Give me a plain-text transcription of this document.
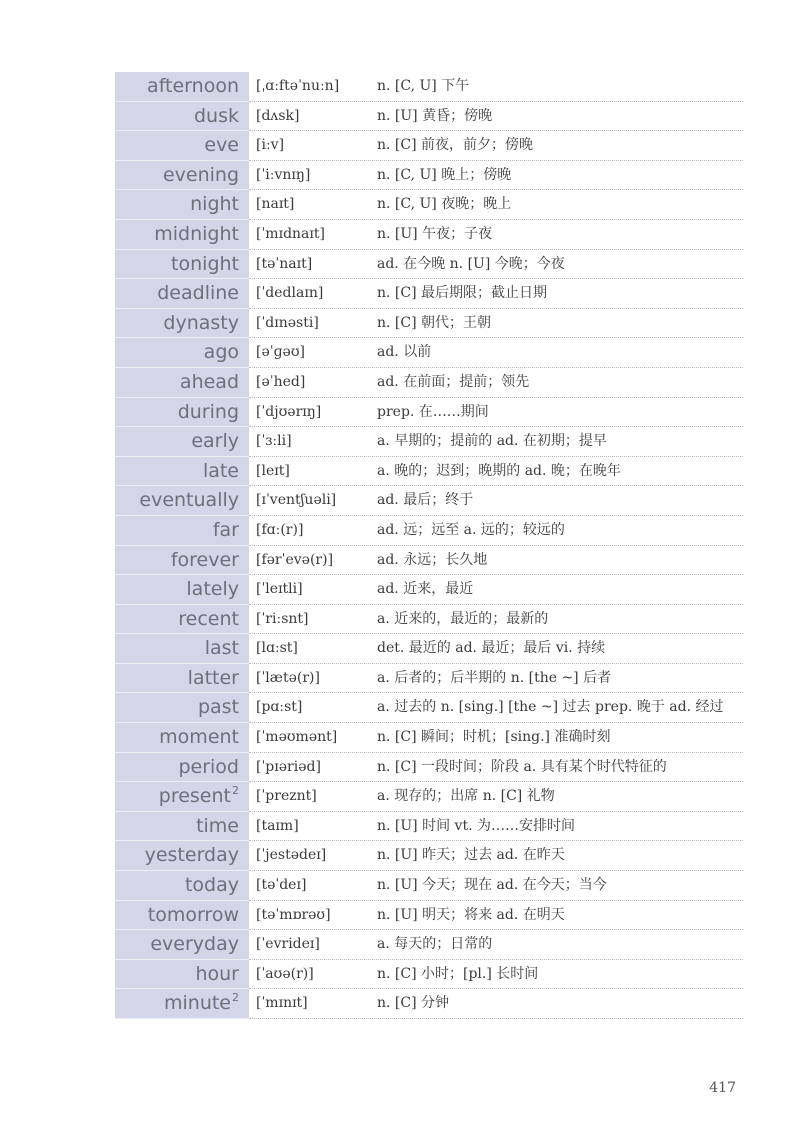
afternoon	[ˌɑːftəˈnuːn]	n. [C, U] 下午
dusk	[dʌsk]	n. [U] 黄昏；傍晚
eve	[iːv]	n. [C] 前夜，前夕；傍晚
evening	[ˈiːvnɪŋ]	n. [C, U] 晚上；傍晚
night	[naɪt]	n. [C, U] 夜晚；晚上
midnight	[ˈmɪdnaɪt]	n. [U] 午夜；子夜
tonight	[təˈnaɪt]	ad. 在今晚 n. [U] 今晚；今夜
deadline	[ˈdedlaɪn]	n. [C] 最后期限；截止日期
dynasty	[ˈdɪnəsti]	n. [C] 朝代；王朝
ago	[əˈɡəʊ]	ad. 以前
ahead	[əˈhed]	ad. 在前面；提前；领先
during	[ˈdjʊərɪŋ]	prep. 在……期间
early	[ˈɜːli]	a. 早期的；提前的 ad. 在初期；提早
late	[leɪt]	a. 晚的；迟到；晚期的 ad. 晚；在晚年
eventually	[ɪˈventʃuəli]	ad. 最后；终于
far	[fɑː(r)]	ad. 远；远至 a. 远的；较远的
forever	[fərˈevə(r)]	ad. 永远；长久地
lately	[ˈleɪtli]	ad. 近来，最近
recent	[ˈriːsnt]	a. 近来的，最近的；最新的
last	[lɑːst]	det. 最近的 ad. 最近；最后 vi. 持续
latter	[ˈlætə(r)]	a. 后者的；后半期的 n. [the ~] 后者
past	[pɑːst]	a. 过去的 n. [sing.] [the ~] 过去 prep. 晚于 ad. 经过
moment	[ˈməʊmənt]	n. [C] 瞬间；时机；[sing.] 准确时刻
period	[ˈpɪəriəd]	n. [C] 一段时间；阶段 a. 具有某个时代特征的
present$^2$	[ˈpreznt]	a. 现存的；出席 n. [C] 礼物
time	[taɪm]	n. [U] 时间 vt. 为……安排时间
yesterday	[ˈjestədeɪ]	n. [U] 昨天；过去 ad. 在昨天
today	[təˈdeɪ]	n. [U] 今天；现在 ad. 在今天；当今
tomorrow	[təˈmɒrəʊ]	n. [U] 明天；将来 ad. 在明天
everyday	[ˈevrideɪ]	a. 每天的；日常的
hour	[ˈaʊə(r)]	n. [C] 小时；[pl.] 长时间
minute$^2$	[ˈmɪnɪt]	n. [C] 分钟
417
